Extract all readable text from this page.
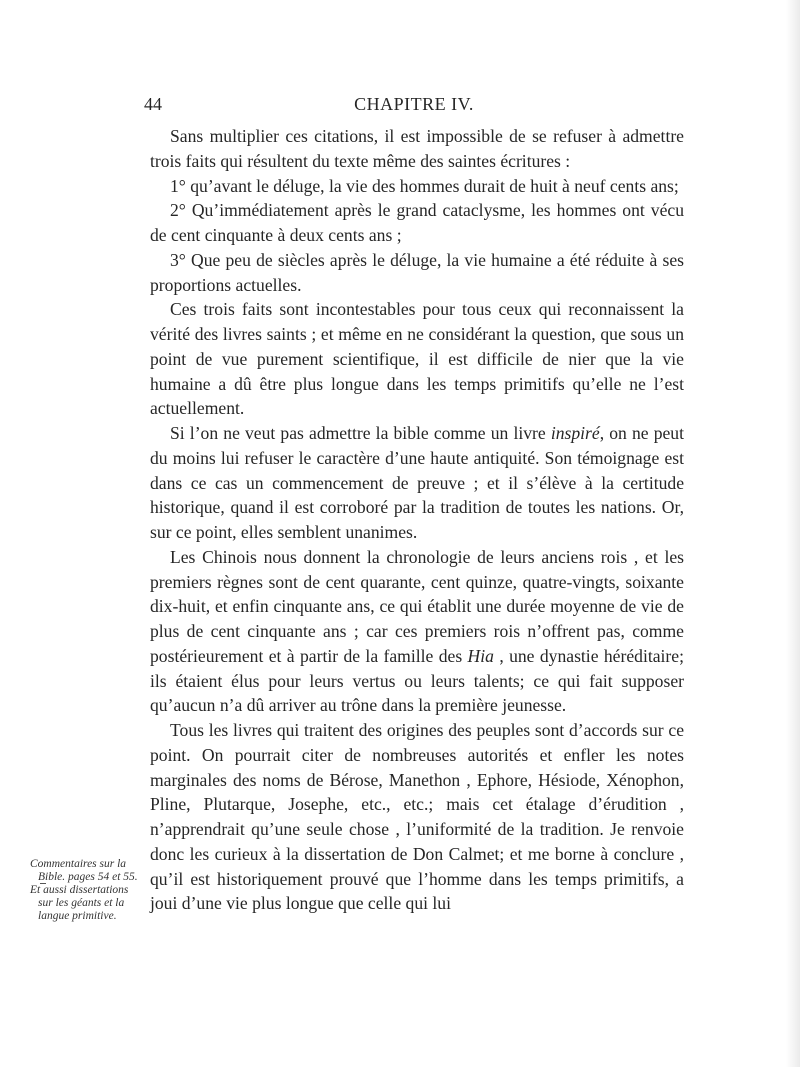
44	CHAPITRE IV.

Sans multiplier ces citations, il est impossible de se refuser à admettre trois faits qui résultent du texte même des saintes écritures :

1° qu’avant le déluge, la vie des hommes durait de huit à neuf cents ans;

2° Qu’immédiatement après le grand cataclysme, les hommes ont vécu de cent cinquante à deux cents ans ;

3° Que peu de siècles après le déluge, la vie humaine a été réduite à ses proportions actuelles.

Ces trois faits sont incontestables pour tous ceux qui reconnaissent la vérité des livres saints ; et même en ne considérant la question, que sous un point de vue purement scientifique, il est difficile de nier que la vie humaine a dû être plus longue dans les temps primitifs qu’elle ne l’est actuellement.

Si l’on ne veut pas admettre la bible comme un livre inspiré, on ne peut du moins lui refuser le caractère d’une haute antiquité. Son témoignage est dans ce cas un commencement de preuve ; et il s’élève à la certitude historique, quand il est corroboré par la tradition de toutes les nations. Or, sur ce point, elles semblent unanimes.

Les Chinois nous donnent la chronologie de leurs anciens rois , et les premiers règnes sont de cent quarante, cent quinze, quatre-vingts, soixante dix-huit, et enfin cinquante ans, ce qui établit une durée moyenne de vie de plus de cent cinquante ans ; car ces premiers rois n’offrent pas, comme postérieurement et à partir de la famille des Hia , une dynastie héréditaire; ils étaient élus pour leurs vertus ou leurs talents; ce qui fait supposer qu’aucun n’a dû arriver au trône dans la première jeunesse.

Tous les livres qui traitent des origines des peuples sont d’accords sur ce point. On pourrait citer de nombreuses autorités et enfler les notes marginales des noms de Bérose, Manethon , Ephore, Hésiode, Xénophon, Pline, Plutarque, Josephe, etc., etc.; mais cet étalage d’érudition , n’apprendrait qu’une seule chose , l’uniformité de la tradition. Je renvoie donc les curieux à la dissertation de Don Calmet; et me borne à conclure , qu’il est historiquement prouvé que l’homme dans les temps primitifs, a joui d’une vie plus longue que celle qui lui

Commentaires sur la Bible. pages 54 et 55.
Et aussi dissertations sur les géants et la langue primitive.
